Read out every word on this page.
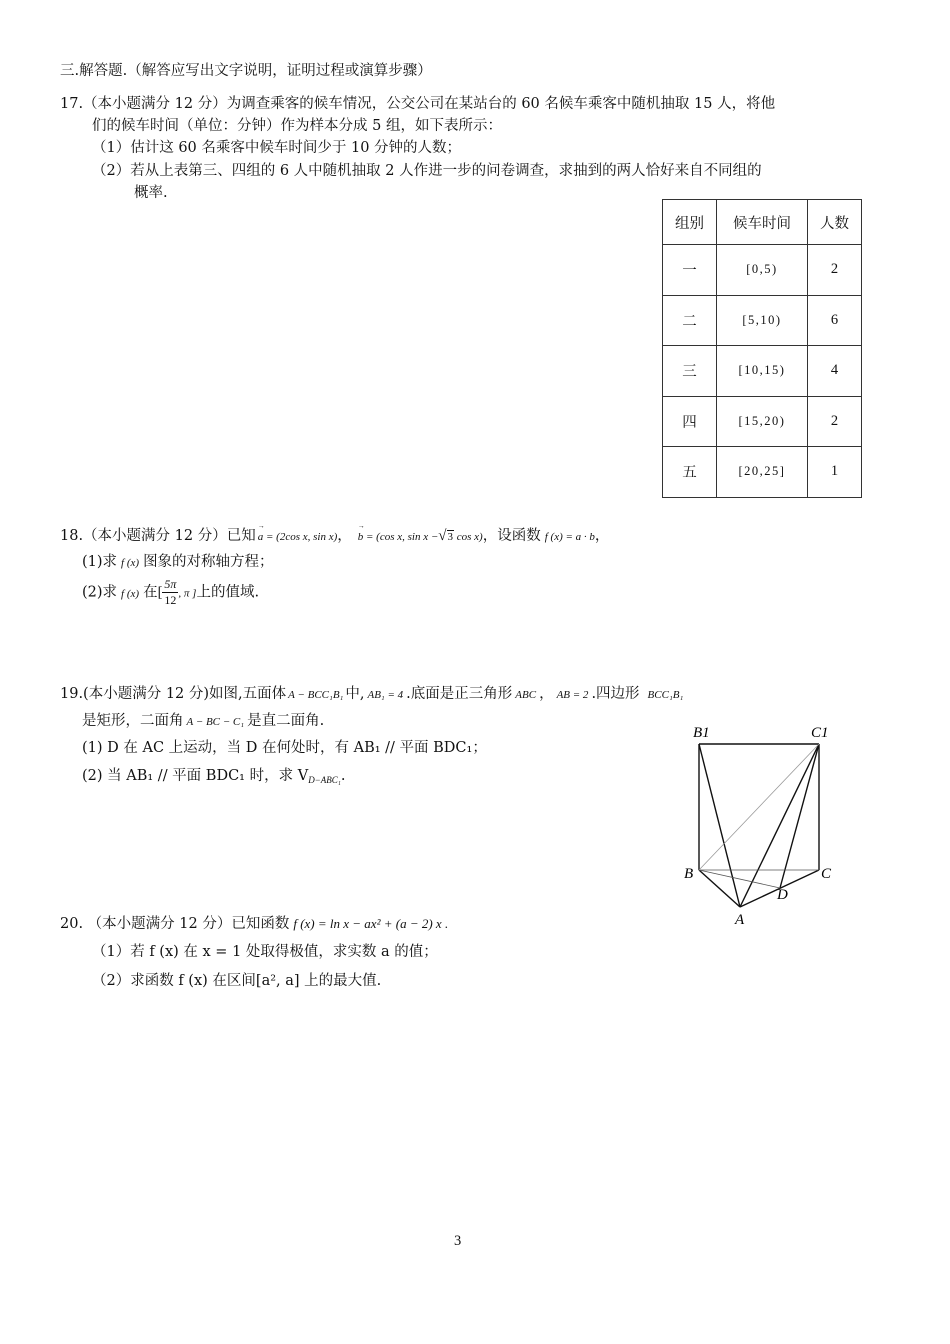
三.解答题.（解答应写出文字说明，证明过程或演算步骤）
17.（本小题满分 12 分）为调查乘客的候车情况，公交公司在某站台的 60 名候车乘客中随机抽取 15 人，将他
们的候车时间（单位：分钟）作为样本分成 5 组，如下表所示：
（1）估计这 60 名乘客中候车时间少于 10 分钟的人数；
（2）若从上表第三、四组的 6 人中随机抽取 2 人作进一步的问卷调查，求抽到的两人恰好来自不同组的
概率.
组别	候车时间	人数
一	[0,5)	2
二	[5,10)	6
三	[10,15)	4
四	[15,20)	2
五	[20,25]	1
18.（本小题满分 12 分）已知 → a = (2cos x, sin x)， → b = (cos x, sin x −√3 cos x)，设函数 f (x) = a · b，
(1)求 f (x) 图象的对称轴方程；
(2)求 f (x) 在[ $\frac{5\pi}{12}$ , π ]上的值域.
19.(本小题满分 12 分)如图,五面体 A − BCC₁B₁ 中, AB₁ = 4 .底面是正三角形 ABC ， AB = 2 .四边形 BCC₁B₁
是矩形，二面角 A − BC − C₁ 是直二面角.
(1) D 在 AC 上运动，当 D 在何处时，有 AB₁ // 平面 BDC₁；
(2) 当 AB₁ // 平面 BDC₁ 时，求 $V_{D-ABC_1}$.
B1	C1
B	C
D
A
20. （本小题满分 12 分）已知函数 f (x) = ln x − ax² + (a − 2) x .
（1）若 f (x) 在 x = 1 处取得极值，求实数 a 的值；
（2）求函数 f (x) 在区间[a², a] 上的最大值.
3
